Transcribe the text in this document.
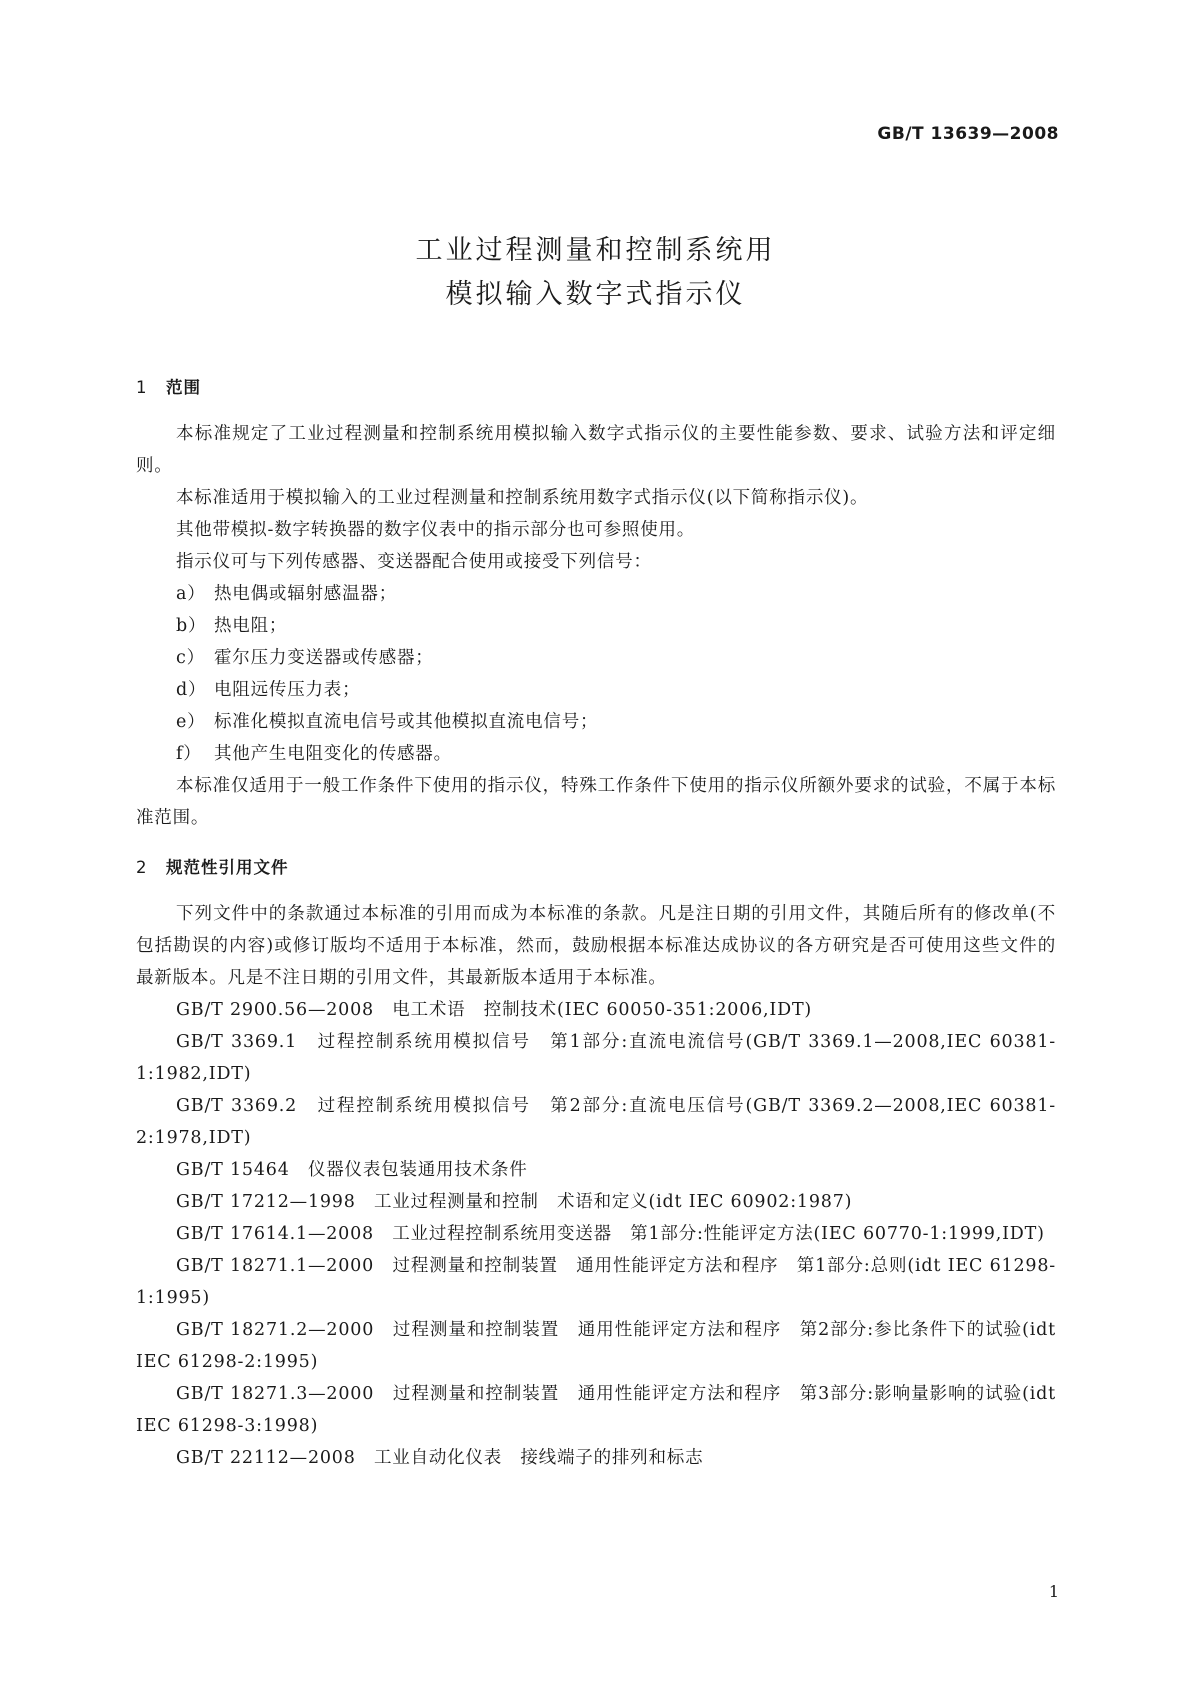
GB/T 13639—2008
工业过程测量和控制系统用
模拟输入数字式指示仪
1 范围
本标准规定了工业过程测量和控制系统用模拟输入数字式指示仪的主要性能参数、要求、试验方法和评定细则。
本标准适用于模拟输入的工业过程测量和控制系统用数字式指示仪(以下简称指示仪)。
其他带模拟-数字转换器的数字仪表中的指示部分也可参照使用。
指示仪可与下列传感器、变送器配合使用或接受下列信号：
a） 热电偶或辐射感温器；
b） 热电阻；
c） 霍尔压力变送器或传感器；
d） 电阻远传压力表；
e） 标准化模拟直流电信号或其他模拟直流电信号；
f） 其他产生电阻变化的传感器。
本标准仅适用于一般工作条件下使用的指示仪，特殊工作条件下使用的指示仪所额外要求的试验，不属于本标准范围。
2 规范性引用文件
下列文件中的条款通过本标准的引用而成为本标准的条款。凡是注日期的引用文件，其随后所有的修改单(不包括勘误的内容)或修订版均不适用于本标准，然而，鼓励根据本标准达成协议的各方研究是否可使用这些文件的最新版本。凡是不注日期的引用文件，其最新版本适用于本标准。
GB/T 2900.56—2008　电工术语　控制技术(IEC 60050-351:2006,IDT)
GB/T 3369.1　过程控制系统用模拟信号　第1部分:直流电流信号(GB/T 3369.1—2008,IEC 60381-1:1982,IDT)
GB/T 3369.2　过程控制系统用模拟信号　第2部分:直流电压信号(GB/T 3369.2—2008,IEC 60381-2:1978,IDT)
GB/T 15464　仪器仪表包装通用技术条件
GB/T 17212—1998　工业过程测量和控制　术语和定义(idt IEC 60902:1987)
GB/T 17614.1—2008　工业过程控制系统用变送器　第1部分:性能评定方法(IEC 60770-1:1999,IDT)
GB/T 18271.1—2000　过程测量和控制装置　通用性能评定方法和程序　第1部分:总则(idt IEC 61298-1:1995)
GB/T 18271.2—2000　过程测量和控制装置　通用性能评定方法和程序　第2部分:参比条件下的试验(idt IEC 61298-2:1995)
GB/T 18271.3—2000　过程测量和控制装置　通用性能评定方法和程序　第3部分:影响量影响的试验(idt IEC 61298-3:1998)
GB/T 22112—2008　工业自动化仪表　接线端子的排列和标志
1
